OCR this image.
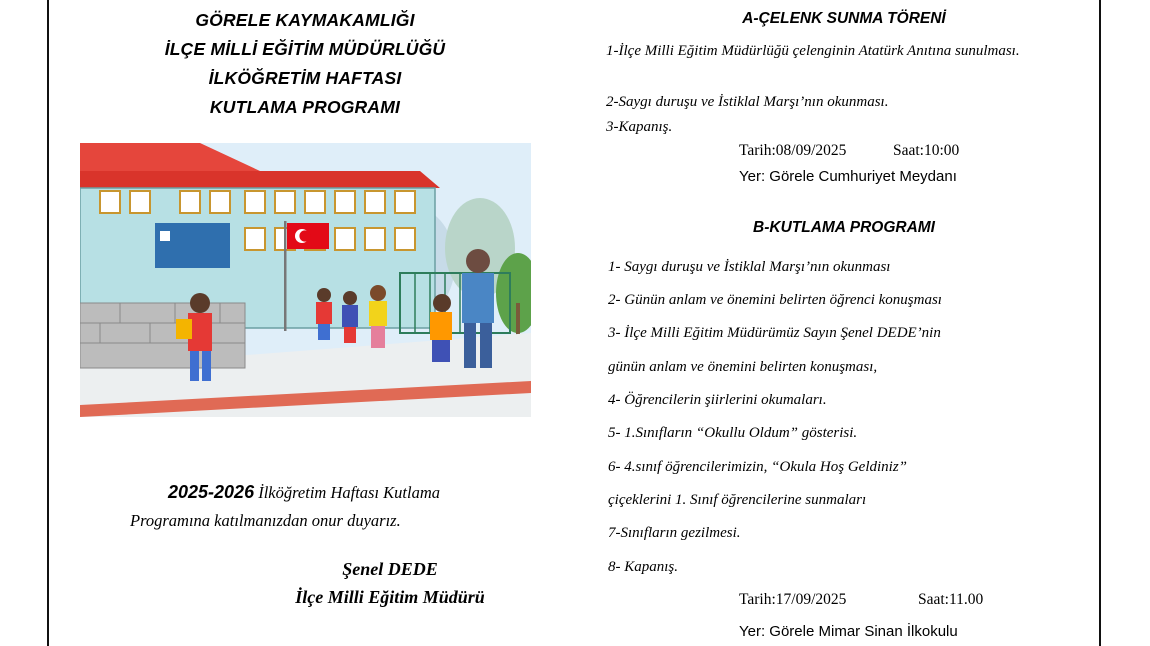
GÖRELE KAYMAKAMLIĞI
İLÇE MİLLİ EĞİTİM MÜDÜRLÜĞÜ
İLKÖĞRETİM HAFTASI
KUTLAMA PROGRAMI
2025-2026 İlköğretim Haftası Kutlama
Programına katılmanızdan onur duyarız.
Şenel DEDE
İlçe Milli Eğitim Müdürü
A-ÇELENK SUNMA TÖRENİ
1-İlçe Milli Eğitim Müdürlüğü çelenginin Atatürk Anıtına sunulması.
2-Saygı duruşu ve İstiklal Marşı’nın okunması.
3-Kapanış.
Tarih:08/09/2025	Saat:10:00
Yer: Görele Cumhuriyet Meydanı
B-KUTLAMA PROGRAMI
1- Saygı duruşu ve İstiklal Marşı’nın okunması
2- Günün anlam ve önemini belirten öğrenci konuşması
3- İlçe Milli Eğitim Müdürümüz Sayın Şenel DEDE’nin
günün anlam ve önemini belirten konuşması,
4- Öğrencilerin şiirlerini okumaları.
5- 1.Sınıfların “Okullu Oldum” gösterisi.
6- 4.sınıf öğrencilerimizin, “Okula Hoş Geldiniz”
çiçeklerini 1. Sınıf öğrencilerine sunmaları
7-Sınıfların gezilmesi.
8- Kapanış.
Tarih:17/09/2025	Saat:11.00
Yer: Görele Mimar Sinan İlkokulu
